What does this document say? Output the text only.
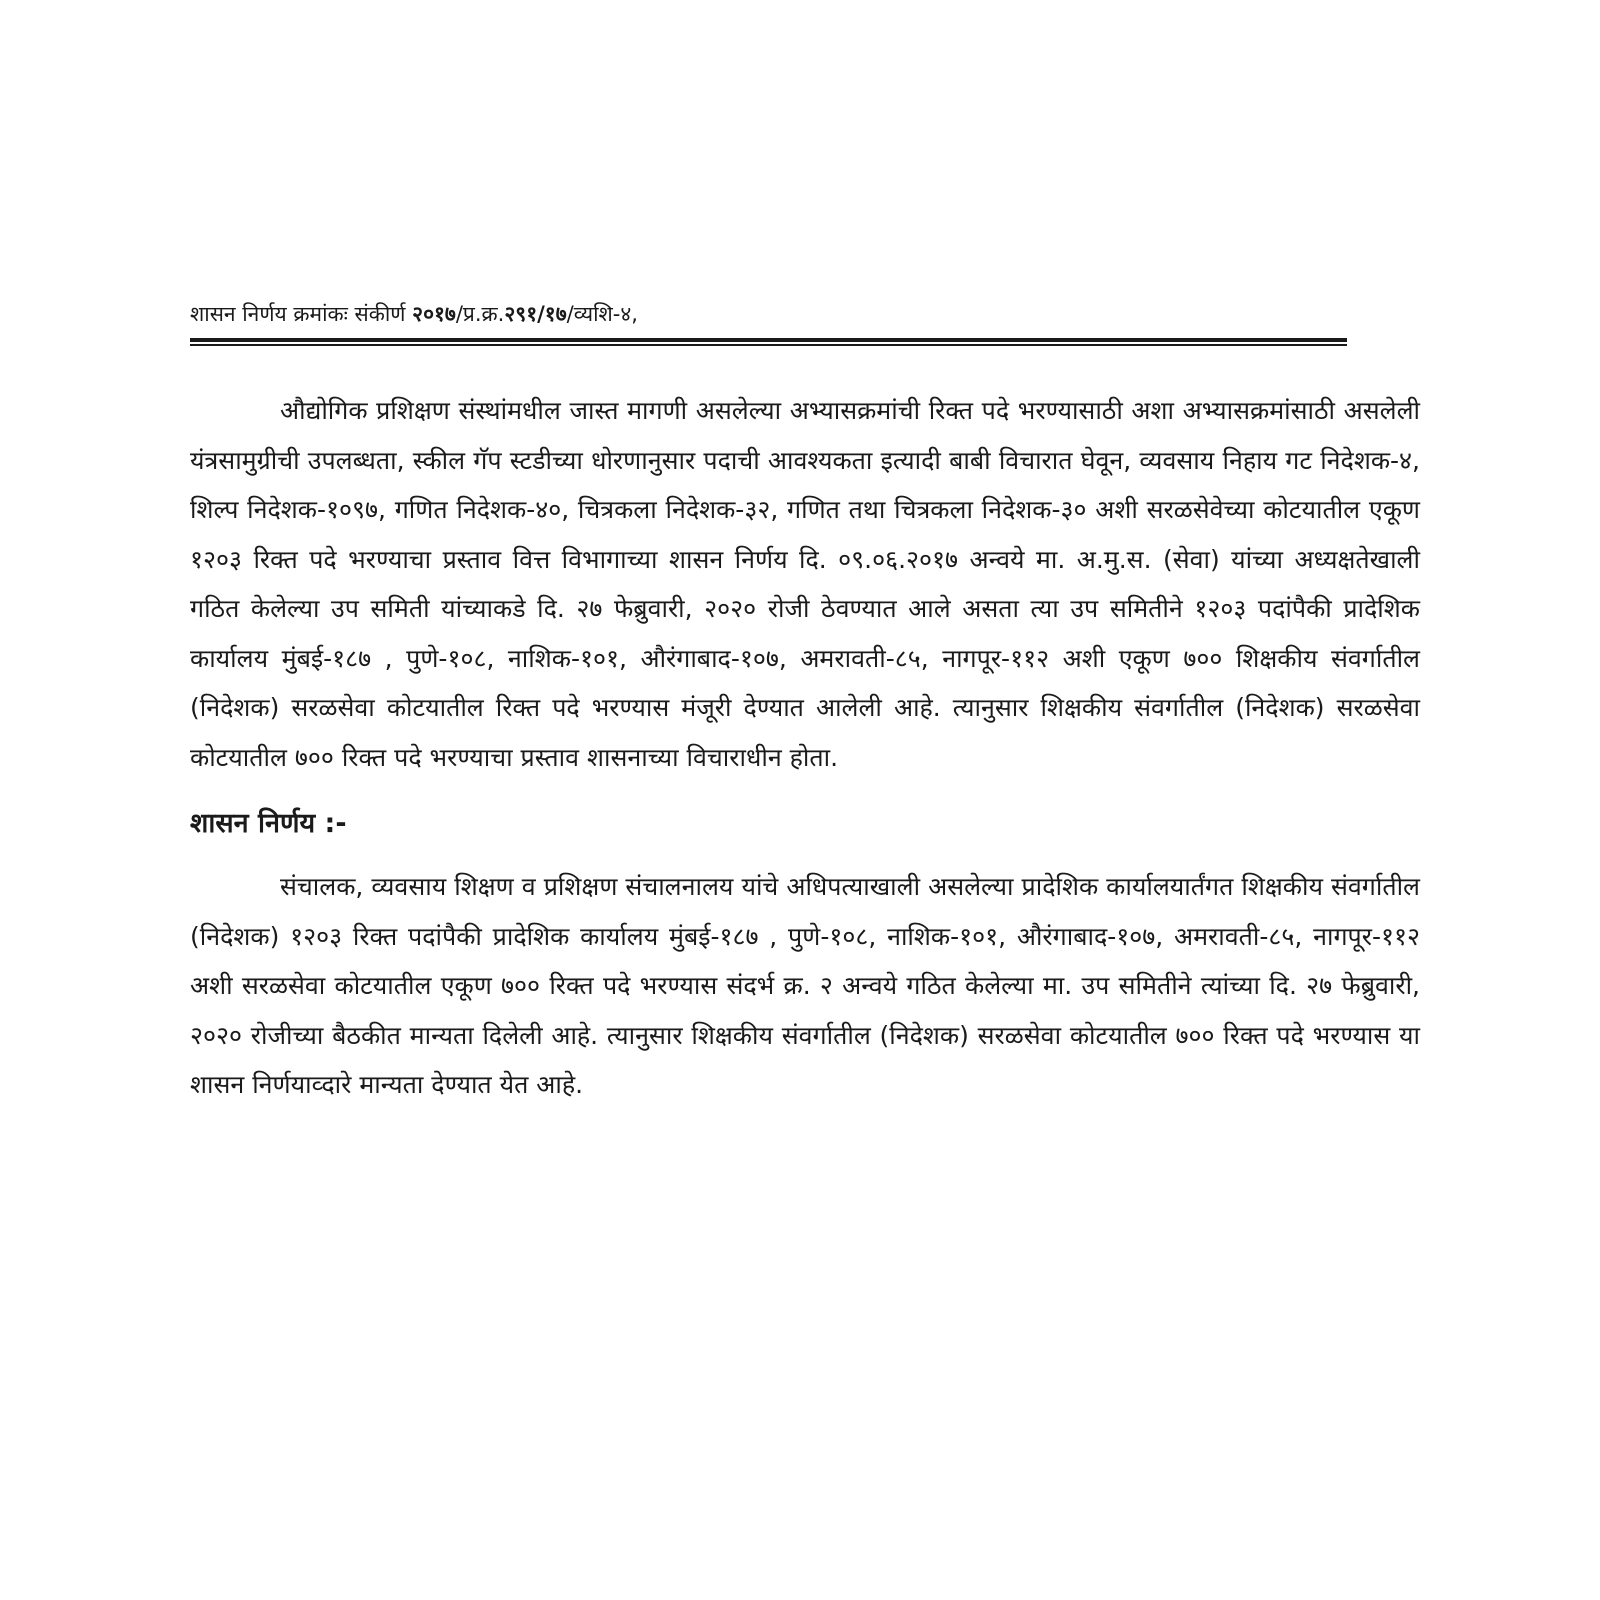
शासन निर्णय क्रमांकः संकीर्ण २०१७/प्र.क्र.२९१/१७/व्यशि-४,

औद्योगिक प्रशिक्षण संस्थांमधील जास्त मागणी असलेल्या अभ्यासक्रमांची रिक्त पदे भरण्यासाठी अशा अभ्यासक्रमांसाठी असलेली यंत्रसामुग्रीची उपलब्धता, स्कील गॅप स्टडीच्या धोरणानुसार पदाची आवश्यकता इत्यादी बाबी विचारात घेवून, व्यवसाय निहाय गट निदेशक-४, शिल्प निदेशक-१०९७, गणित निदेशक-४०, चित्रकला निदेशक-३२, गणित तथा चित्रकला निदेशक-३० अशी सरळसेवेच्या कोटयातील एकूण १२०३ रिक्त पदे भरण्याचा प्रस्ताव वित्त विभागाच्या शासन निर्णय दि. ०९.०६.२०१७ अन्वये मा. अ.मु.स. (सेवा) यांच्या अध्यक्षतेखाली गठित केलेल्या उप समिती यांच्याकडे दि. २७ फेब्रुवारी, २०२० रोजी ठेवण्यात आले असता त्या उप समितीने १२०३ पदांपैकी प्रादेशिक कार्यालय मुंबई-१८७ , पुणे-१०८, नाशिक-१०१, औरंगाबाद-१०७, अमरावती-८५, नागपूर-११२ अशी एकूण ७०० शिक्षकीय संवर्गातील (निदेशक) सरळसेवा कोटयातील रिक्त पदे भरण्यास मंजूरी देण्यात आलेली आहे. त्यानुसार शिक्षकीय संवर्गातील (निदेशक) सरळसेवा कोटयातील ७०० रिक्त पदे भरण्याचा प्रस्ताव शासनाच्या विचाराधीन होता.

शासन निर्णय :-

संचालक, व्यवसाय शिक्षण व प्रशिक्षण संचालनालय यांचे अधिपत्याखाली असलेल्या प्रादेशिक कार्यालयार्तंगत शिक्षकीय संवर्गातील (निदेशक) १२०३ रिक्त पदांपैकी प्रादेशिक कार्यालय मुंबई-१८७ , पुणे-१०८, नाशिक-१०१, औरंगाबाद-१०७, अमरावती-८५, नागपूर-११२ अशी सरळसेवा कोटयातील एकूण ७०० रिक्त पदे भरण्यास संदर्भ क्र. २ अन्वये गठित केलेल्या मा. उप समितीने त्यांच्या दि. २७ फेब्रुवारी, २०२० रोजीच्या बैठकीत मान्यता दिलेली आहे. त्यानुसार शिक्षकीय संवर्गातील (निदेशक) सरळसेवा कोटयातील ७०० रिक्त पदे भरण्यास या शासन निर्णयाव्दारे मान्यता देण्यात येत आहे.
